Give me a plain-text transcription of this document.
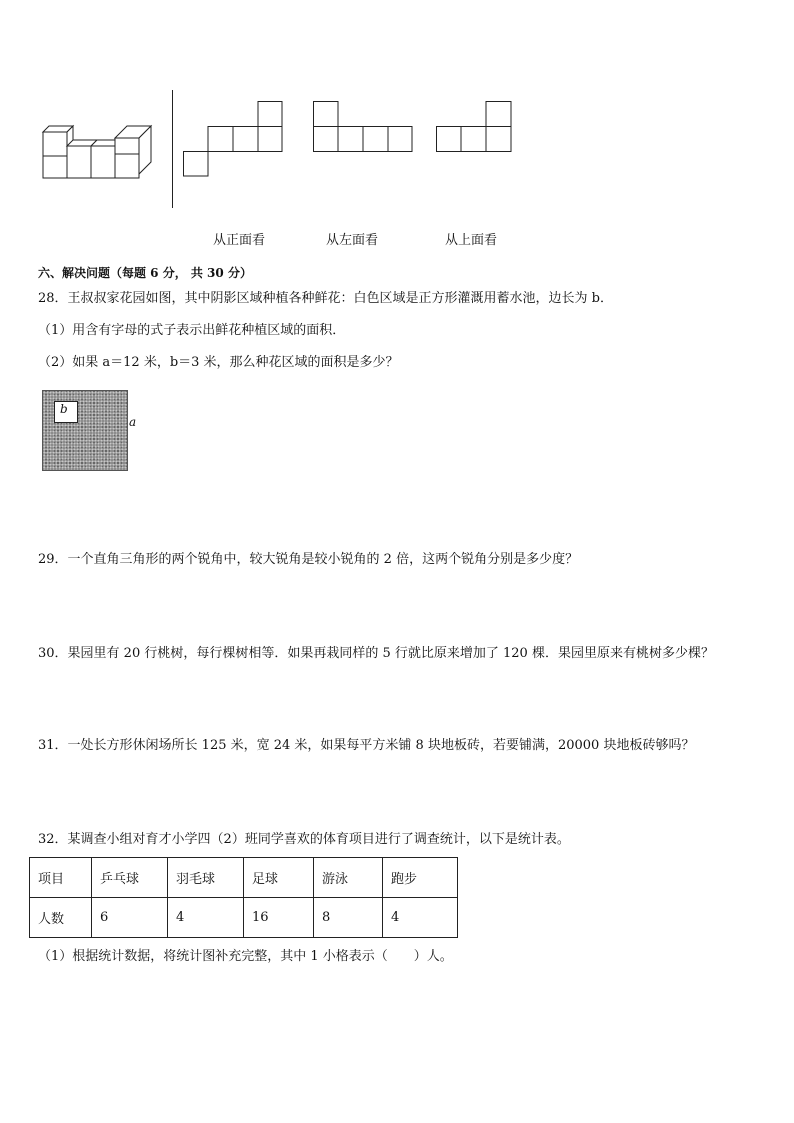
从正面看	从左面看	从上面看
六、解决问题（每题 6 分， 共 30 分）
28．王叔叔家花园如图，其中阴影区域种植各种鲜花：白色区域是正方形灌溉用蓄水池，边长为 b．
（1）用含有字母的式子表示出鲜花种植区域的面积．
（2）如果 a＝12 米，b＝3 米，那么种花区域的面积是多少？
b
a
29．一个直角三角形的两个锐角中，较大锐角是较小锐角的 2 倍，这两个锐角分别是多少度？
30．果园里有 20 行桃树，每行棵树相等．如果再栽同样的 5 行就比原来增加了 120 棵．果园里原来有桃树多少棵？
31．一处长方形休闲场所长 125 米，宽 24 米，如果每平方米铺 8 块地板砖，若要铺满，20000 块地板砖够吗？
32．某调查小组对育才小学四（2）班同学喜欢的体育项目进行了调查统计，以下是统计表。
项目	乒乓球	羽毛球	足球	游泳	跑步
人数	6	4	16	8	4
（1）根据统计数据，将统计图补充完整，其中 1 小格表示（　　）人。
